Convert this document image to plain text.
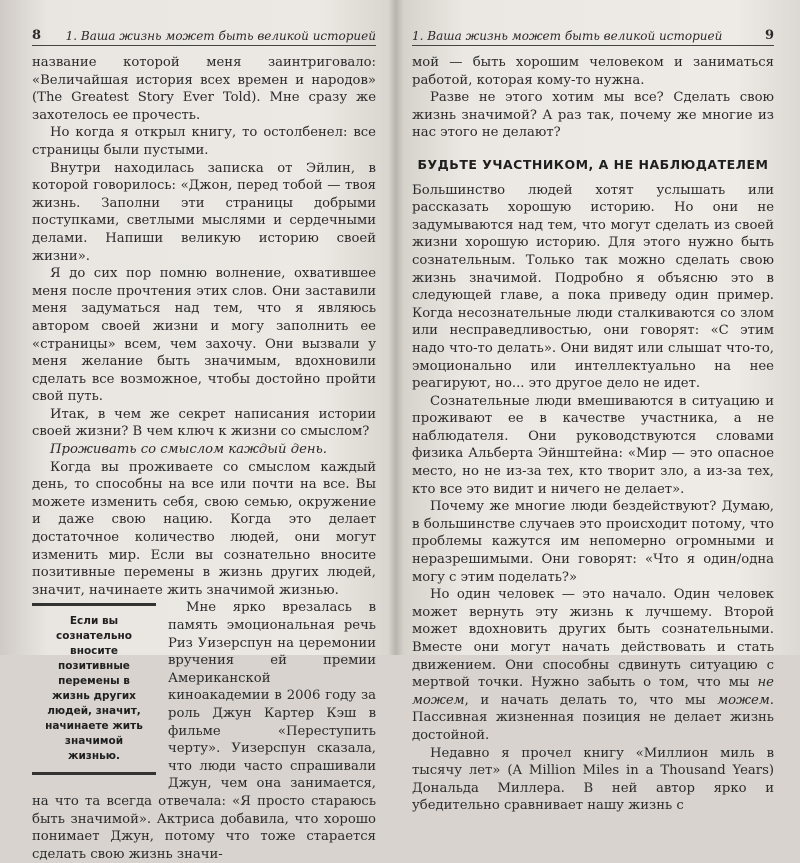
8 1. Ваша жизнь может быть великой историей

название которой меня заинтриговало: «Величайшая история всех времен и народов» (The Greatest Story Ever Told). Мне сразу же захотелось ее прочесть.

Но когда я открыл книгу, то остолбенел: все страницы были пустыми.

Внутри находилась записка от Эйлин, в которой говорилось: «Джон, перед тобой — твоя жизнь. Заполни эти страницы добрыми поступками, светлыми мыслями и сердечными делами. Напиши великую историю своей жизни».

Я до сих пор помню волнение, охватившее меня после прочтения этих слов. Они заставили меня задуматься над тем, что я являюсь автором своей жизни и могу заполнить ее «страницы» всем, чем захочу. Они вызвали у меня желание быть значимым, вдохновили сделать все возможное, чтобы достойно пройти свой путь.

Итак, в чем же секрет написания истории своей жизни? В чем ключ к жизни со смыслом?

Проживать со смыслом каждый день.

Когда вы проживаете со смыслом каждый день, то способны на все или почти на все. Вы можете изменить себя, свою семью, окружение и даже свою нацию. Когда это делает достаточное количество людей, они могут изменить мир. Если вы сознательно вносите позитивные перемены в жизнь других людей, значит, начинаете жить значимой жизнью.

Если вы сознательно вносите позитивные перемены в жизнь других людей, значит, начинаете жить значимой жизнью.

Мне ярко врезалась в память эмоциональная речь Риз Уизерспун на церемонии вручения ей премии Американской киноакадемии в 2006 году за роль Джун Картер Кэш в фильме «Переступить черту». Уизерспун сказала, что люди часто спрашивали Джун, чем она занимается, на что та всегда отвечала: «Я просто стараюсь быть значимой». Актриса добавила, что хорошо понимает Джун, потому что тоже старается сделать свою жизнь значи-

1. Ваша жизнь может быть великой историей	9

мой — быть хорошим человеком и заниматься работой, которая кому-то нужна.

Разве не этого хотим мы все? Сделать свою жизнь значимой? А раз так, почему же многие из нас этого не делают?

БУДЬТЕ УЧАСТНИКОМ, А НЕ НАБЛЮДАТЕЛЕМ

Большинство людей хотят услышать или рассказать хорошую историю. Но они не задумываются над тем, что могут сделать из своей жизни хорошую историю. Для этого нужно быть сознательным. Только так можно сделать свою жизнь значимой. Подробно я объясню это в следующей главе, а пока приведу один пример. Когда несознательные люди сталкиваются со злом или несправедливостью, они говорят: «С этим надо что-то делать». Они видят или слышат что-то, эмоционально или интеллектуально на нее реагируют, но... это другое дело не идет.

Сознательные люди вмешиваются в ситуацию и проживают ее в качестве участника, а не наблюдателя. Они руководствуются словами физика Альберта Эйнштейна: «Мир — это опасное место, но не из-за тех, кто творит зло, а из-за тех, кто все это видит и ничего не делает».

Почему же многие люди бездействуют? Думаю, в большинстве случаев это происходит потому, что проблемы кажутся им непомерно огромными и неразрешимыми. Они говорят: «Что я один/одна могу с этим поделать?»

Но один человек — это начало. Один человек может вернуть эту жизнь к лучшему. Второй может вдохновить других быть сознательными. Вместе они могут начать действовать и стать движением. Они способны сдвинуть ситуацию с мертвой точки. Нужно забыть о том, что мы не можем, и начать делать то, что мы можем. Пассивная жизненная позиция не делает жизнь достойной.

Недавно я прочел книгу «Миллион миль в тысячу лет» (A Million Miles in a Thousand Years) Дональда Миллера. В ней автор ярко и убедительно сравнивает нашу жизнь с
